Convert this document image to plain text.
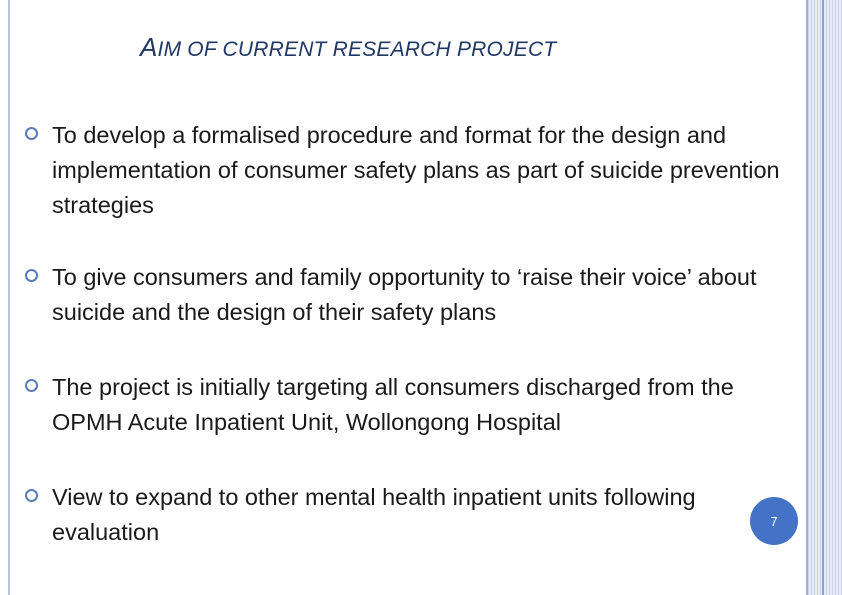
AIM OF CURRENT RESEARCH PROJECT
To develop a formalised procedure and format for the design and implementation of consumer safety plans as part of suicide prevention strategies
To give consumers and family opportunity to ‘raise their voice’ about suicide and the design of their safety plans
The project is initially targeting all consumers discharged from the OPMH Acute Inpatient Unit, Wollongong Hospital
View to expand to other mental health inpatient units following evaluation	7
